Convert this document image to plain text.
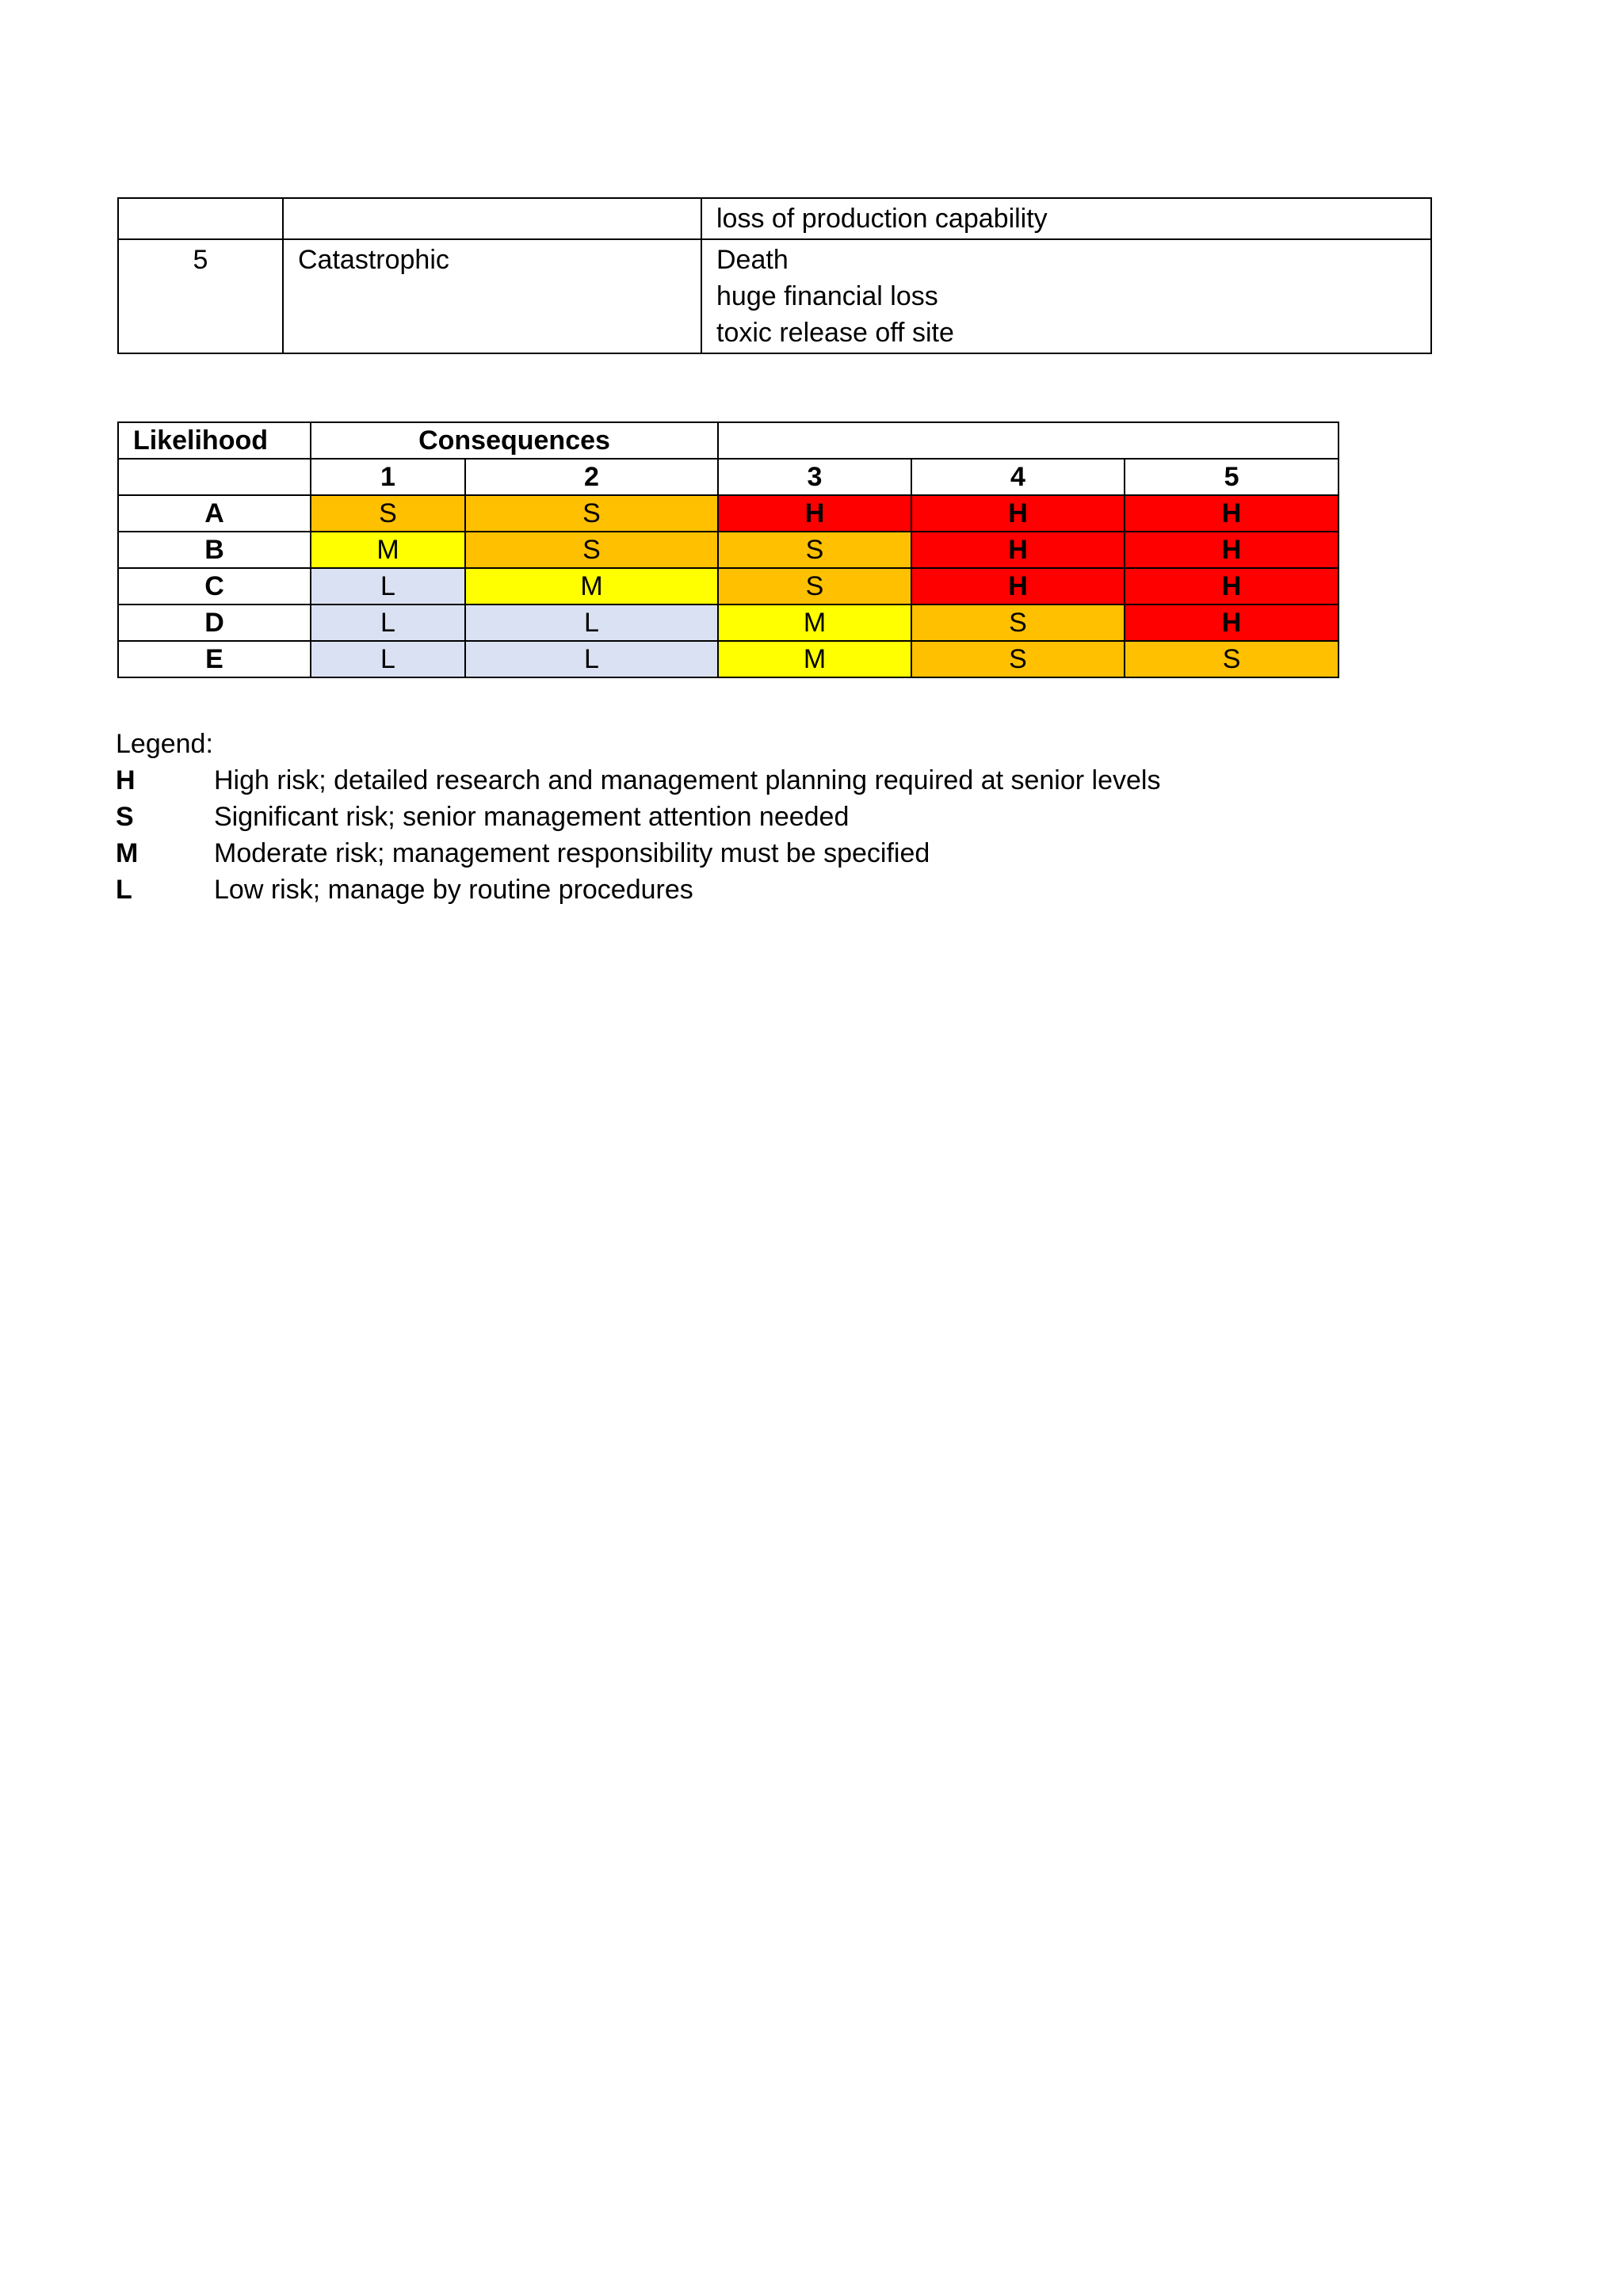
		loss of production capability

5	Catastrophic	Death
huge financial loss
toxic release off site
Likelihood	Consequences				
	1	2	3	4	5
A	S	S	H	H	H
B	M	S	S	H	H
C	L	M	S	H	H
D	L	L	M	S	H
E	L	L	M	S	S
Legend:
H	High risk; detailed research and management planning required at senior levels
S	Significant risk; senior management attention needed
M	Moderate risk; management responsibility must be specified
L	Low risk; manage by routine procedures
